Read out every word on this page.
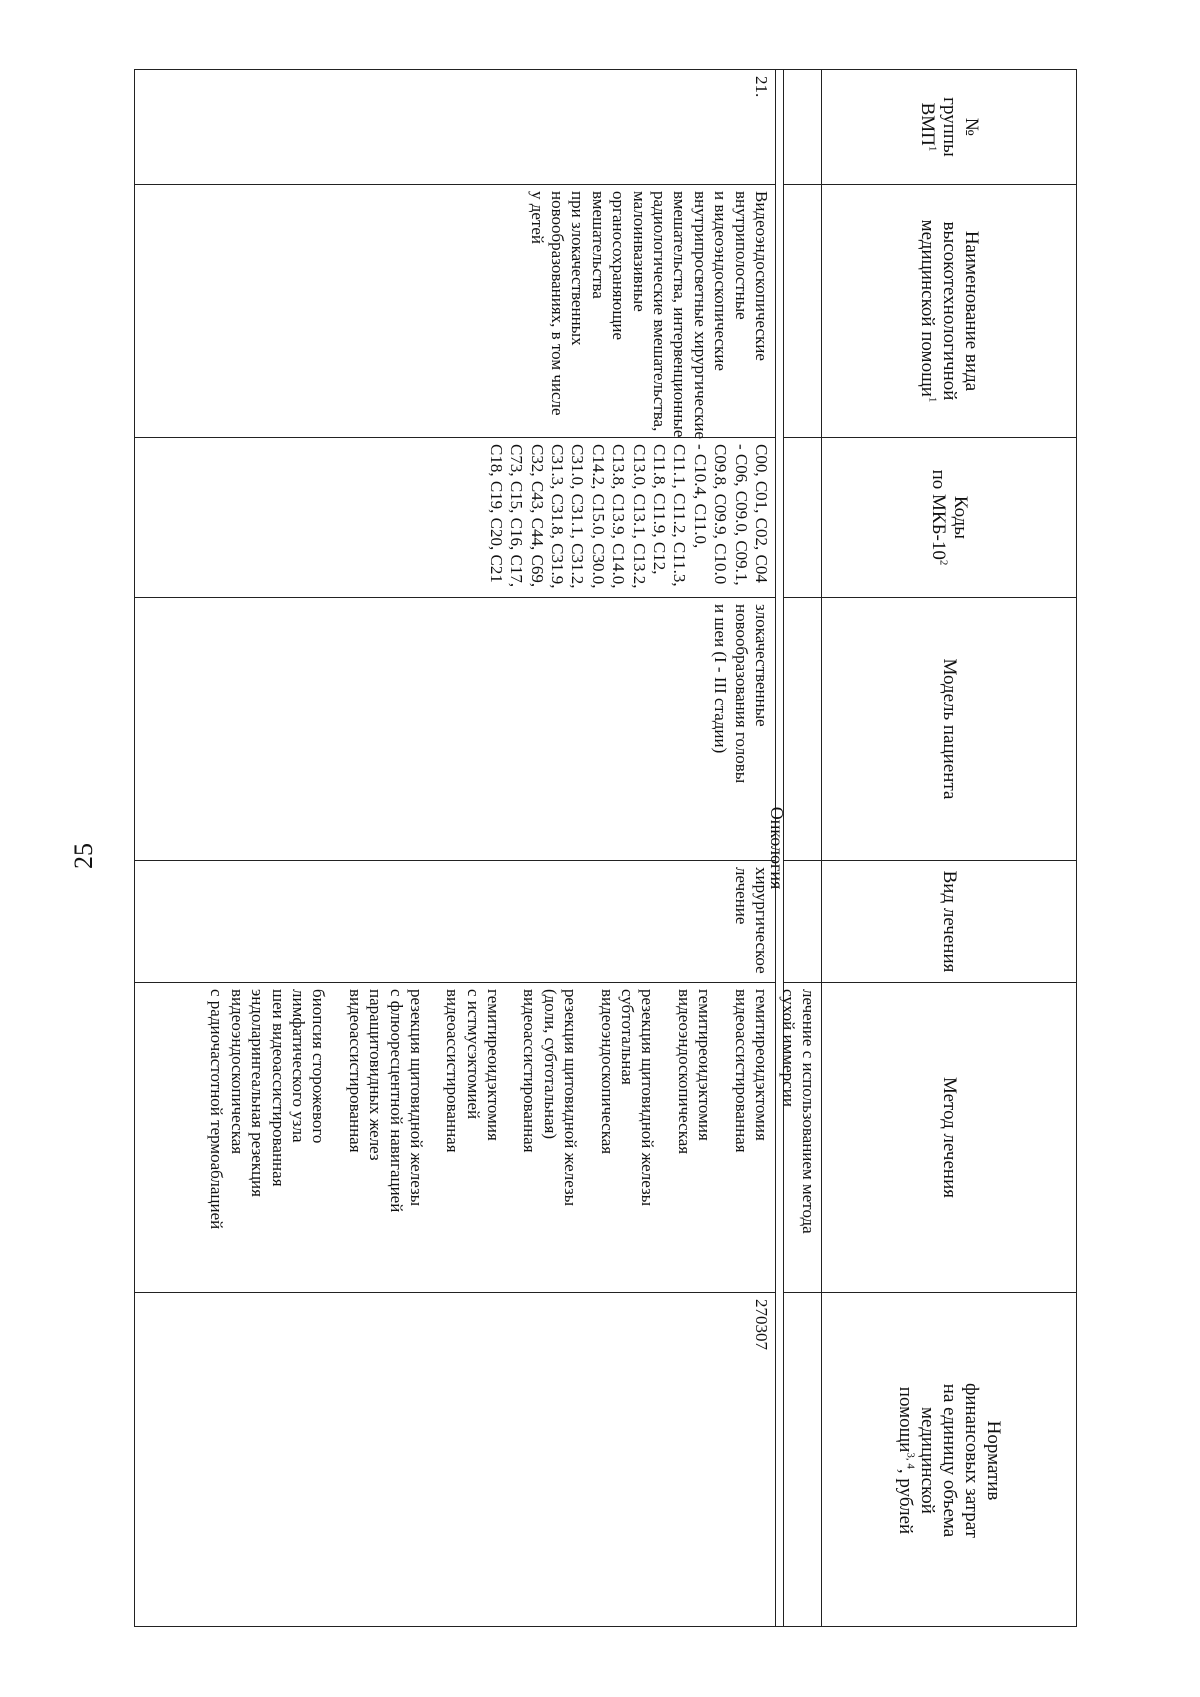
25
№
группы
ВМП$^1$
Наименование вида
высокотехнологичной
медицинской помощи$^1$
Коды
по МКБ-$10^2$
Модель пациента
Вид лечения
Метод лечения
Норматив
финансовых затрат
на единицу объема
медицинской
помощи$^{3, 4}$, рублей
лечение с использованием метода
сухой иммерсии
Онкология
21.
Видеоэндоскопические
внутриполостные
и видеоэндоскопические
внутрипросветные хирургические
вмешательства, интервенционные
радиологические вмешательства,
малоинвазивные
органосохраняющие
вмешательства
при злокачественных
новообразованиях, в том числе
у детей
С00, С01, С02, С04
- С06, С09.0, С09.1,
С09.8, С09.9, С10.0
- С10.4, С11.0,
С11.1, С11.2, С11.3,
С11.8, С11.9, С12,
С13.0, С13.1, С13.2,
С13.8, С13.9, С14.0,
С14.2, С15.0, С30.0,
С31.0, С31.1, С31.2,
С31.3, С31.8, С31.9,
С32, С43, С44, С69,
С73, С15, С16, С17,
С18, С19, С20, С21
злокачественные
новообразования головы
и шеи (I - III стадии)
хирургическое
лечение
гемитиреоидэктомия
видеоассистированная
гемитиреоидэктомия
видеоэндоскопическая
резекция щитовидной железы
субтотальная
видеоэндоскопическая
резекция щитовидной железы
(доли, субтотальная)
видеоассистированная
гемитиреоидэктомия
с истмусэктомией
видеоассистированная
резекция щитовидной железы
с флюоресцентной навигацией
паращитовидных желез
видеоассистированная
биопсия сторожевого
лимфатического узла
шеи видеоассистированная
эндоларингеальная резекция
видеоэндоскопическая
с радиочастотной термоаблацией
270307
